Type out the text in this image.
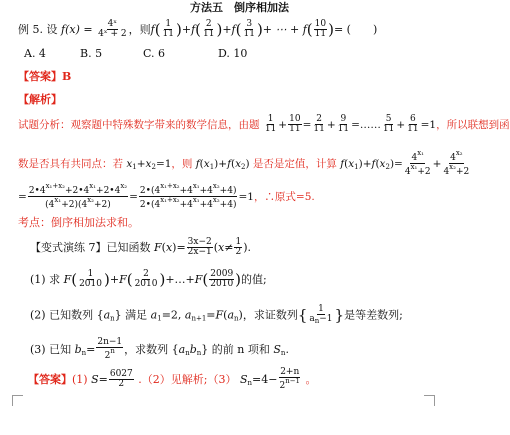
方法五　倒序相加法
例 5. 设 $f(x) = \frac{\text{4ˣ}}{\text{4ˣ + 2}}$ ，则$f( \frac{1}{11} )+f( \frac{2}{11} )+f( \frac{3}{11}$ )+ ⋯ + $f( \frac{10}{11}$ )= (　　)
A. 4	B. 5	C. 6	D. 10
【答案】B
【解析】
试题分析：观察题中特殊数字带来的数学信息，由题 $\frac{1}{11} + \frac{10}{11} = \frac{2}{11} + \frac{9}{11}$ =…… $\frac{5}{11} + \frac{6}{11} =1$，所以联想到函
数是否具有共同点：若 $x_1+x_2=1$，则 $f(x_1)+f(x_2)$ 是否是定值，计算 $f(x_1)+f(x_2)= \frac{4^{x_1}}{4^{x_1}+2} + \frac{4^{x_2}}{4^{x_2}+2}$
= $\frac{2•4^{x_1+x_2}+2•4^{x_1}+2•4^{x_2}}{(4^{x_1}+2)(4^{x_2}+2)} = \frac{2•(4^{x_1+x_2}+4^{x_1}+4^{x_2}+4)}{2•(4^{x_1+x_2}+4^{x_1}+4^{x_2}+4)} =1$，∴原式=5.
考点：倒序相加法求和。
【变式演练 7】已知函数 $F(x)= \frac{3x-2}{2x-1} (x\ne \frac{1}{2}$ ).
(1) 求 $F( \frac{1}{2010} )+F( \frac{2}{2010}$ )+…+F( $\frac{2009}{2010}$ )的值;
(2) 已知数列 $\{a_n\}$ 满足 $a_1=2$, $a_{n+1}=F(a_n)$，求证数列{ $\frac{1}{a_n-1}$ }是等差数列;
(3) 已知 $b_n= \frac{2n-1}{2^n}$ ，求数列 $\{a_nb_n\}$ 的前 n 项和 $S_n$.
【答案】(1) $S= \frac{6027}{2} .(2)$见解析;（3） $S_n=4- \frac{2+n}{2^{n-1}}$ 。
